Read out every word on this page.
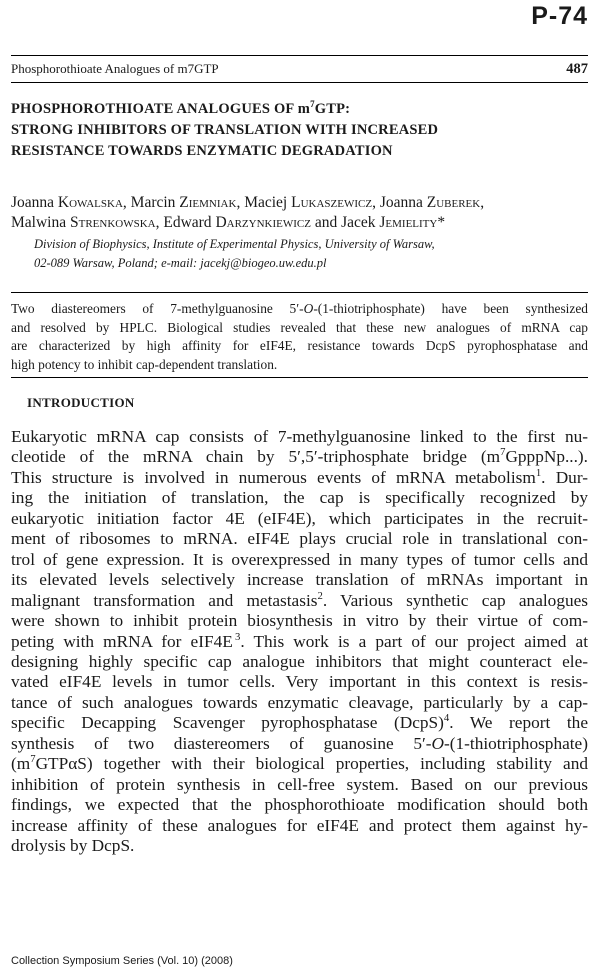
P-74
Phosphorothioate Analogues of m7GTP	487
PHOSPHOROTHIOATE ANALOGUES OF $m^7GTP$:
STRONG INHIBITORS OF TRANSLATION WITH INCREASED
RESISTANCE TOWARDS ENZYMATIC DEGRADATION

Joanna Kowalska, Marcin Ziemniak, Maciej Lukaszewicz, Joanna Zuberek,
Malwina Strenkowska, Edward Darzynkiewicz and Jacek Jemielity*

Division of Biophysics, Institute of Experimental Physics, University of Warsaw,
02-089 Warsaw, Poland; e-mail: jacekj@biogeo.uw.edu.pl

Two diastereomers of 7-methylguanosine 5′-O-(1-thiotriphosphate) have been synthesized
and resolved by HPLC. Biological studies revealed that these new analogues of mRNA cap
are characterized by high affinity for eIF4E, resistance towards DcpS pyrophosphatase and
high potency to inhibit cap-dependent translation.
INTRODUCTION
Eukaryotic mRNA cap consists of 7-methylguanosine linked to the first nu-
cleotide of the mRNA chain by 5′,5′-triphosphate bridge $(m^7GpppNp...)$.
This structure is involved in numerous events of mRNA metabolism$^1$. Dur-
ing the initiation of translation, the cap is specifically recognized by
eukaryotic initiation factor 4E (eIF4E), which participates in the recruit-
ment of ribosomes to mRNA. eIF4E plays crucial role in translational con-
trol of gene expression. It is overexpressed in many types of tumor cells and
its elevated levels selectively increase translation of mRNAs important in
malignant transformation and metastasis$^2$. Various synthetic cap analogues
were shown to inhibit protein biosynthesis in vitro by their virtue of com-
peting with mRNA for eIF4E $^3$. This work is a part of our project aimed at
designing highly specific cap analogue inhibitors that might counteract ele-
vated eIF4E levels in tumor cells. Very important in this context is resis-
tance of such analogues towards enzymatic cleavage, particularly by a cap-
specific Decapping Scavenger pyrophosphatase (DcpS)$^4$. We report the
synthesis of two diastereomers of guanosine 5′-O-(1-thiotriphosphate)
$(m^7GTP\alpha S)$ together with their biological properties, including stability and
inhibition of protein synthesis in cell-free system. Based on our previous
findings, we expected that the phosphorothioate modification should both
increase affinity of these analogues for eIF4E and protect them against hy-
drolysis by DcpS.

Collection Symposium Series (Vol. 10) (2008)
